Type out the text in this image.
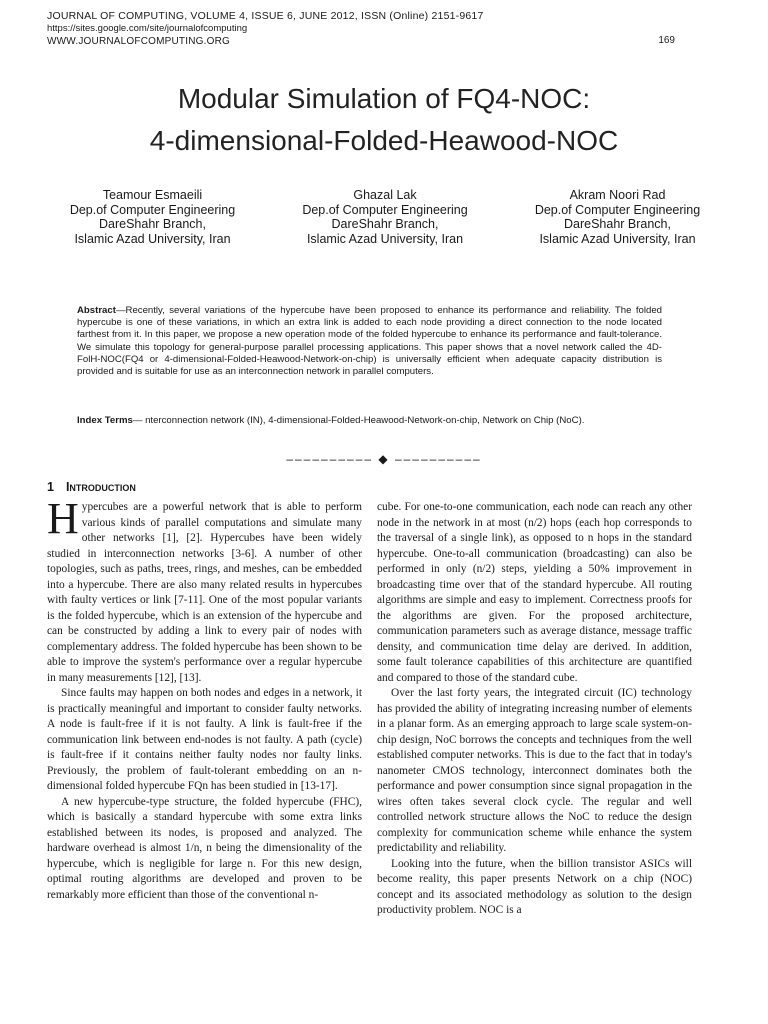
JOURNAL OF COMPUTING, VOLUME 4, ISSUE 6, JUNE 2012, ISSN (Online) 2151-9617
https://sites.google.com/site/journalofcomputing
WWW.JOURNALOFCOMPUTING.ORG	169
Modular Simulation of FQ4-NOC:
4-dimensional-Folded-Heawood-NOC
Teamour Esmaeili
Dep.of Computer Engineering
DareShahr Branch,
Islamic Azad University, Iran
Ghazal Lak
Dep.of Computer Engineering
DareShahr Branch,
Islamic Azad University, Iran
Akram Noori Rad
Dep.of Computer Engineering
DareShahr Branch,
Islamic Azad University, Iran
Abstract—Recently, several variations of the hypercube have been proposed to enhance its performance and reliability. The folded hypercube is one of these variations, in which an extra link is added to each node providing a direct connection to the node located farthest from it. In this paper, we propose a new operation mode of the folded hypercube to enhance its performance and fault-tolerance. We simulate this topology for general-purpose parallel processing applications. This paper shows that a novel network called the 4D-FolH-NOC(FQ4 or 4-dimensional-Folded-Heawood-Network-on-chip) is universally efficient when adequate capacity distribution is provided and is suitable for use as an interconnection network in parallel computers.
Index Terms— nterconnection network (IN), 4-dimensional-Folded-Heawood-Network-on-chip, Network on Chip (NoC).
–––––––––– ◆ ––––––––––
1 Introduction

Hypercubes are a powerful network that is able to perform various kinds of parallel computations and simulate many other networks [1], [2]. Hypercubes have been widely studied in interconnection networks [3-6]. A number of other topologies, such as paths, trees, rings, and meshes, can be embedded into a hypercube. There are also many related results in hypercubes with faulty vertices or link [7-11]. One of the most popular variants is the folded hypercube, which is an extension of the hypercube and can be constructed by adding a link to every pair of nodes with complementary address. The folded hypercube has been shown to be able to improve the system's performance over a regular hypercube in many measurements [12], [13].

Since faults may happen on both nodes and edges in a network, it is practically meaningful and important to consider faulty networks. A node is fault-free if it is not faulty. A link is fault-free if the communication link between end-nodes is not faulty. A path (cycle) is fault-free if it contains neither faulty nodes nor faulty links. Previously, the problem of fault-tolerant embedding on an n-dimensional folded hypercube FQn has been studied in [13-17].

A new hypercube-type structure, the folded hypercube (FHC), which is basically a standard hypercube with some extra links established between its nodes, is proposed and analyzed. The hardware overhead is almost 1/n, n being the dimensionality of the hypercube, which is negligible for large n. For this new design, optimal routing algorithms are developed and proven to be remarkably more efficient than those of the conventional n-

cube. For one-to-one communication, each node can reach any other node in the network in at most (n/2) hops (each hop corresponds to the traversal of a single link), as opposed to n hops in the standard hypercube. One-to-all communication (broadcasting) can also be performed in only (n/2) steps, yielding a 50% improvement in broadcasting time over that of the standard hypercube. All routing algorithms are simple and easy to implement. Correctness proofs for the algorithms are given. For the proposed architecture, communication parameters such as average distance, message traffic density, and communication time delay are derived. In addition, some fault tolerance capabilities of this architecture are quantified and compared to those of the standard cube.

Over the last forty years, the integrated circuit (IC) technology has provided the ability of integrating increasing number of elements in a planar form. As an emerging approach to large scale system-on-chip design, NoC borrows the concepts and techniques from the well established computer networks. This is due to the fact that in today's nanometer CMOS technology, interconnect dominates both the performance and power consumption since signal propagation in the wires often takes several clock cycle. The regular and well controlled network structure allows the NoC to reduce the design complexity for communication scheme while enhance the system predictability and reliability.

Looking into the future, when the billion transistor ASICs will become reality, this paper presents Network on a chip (NOC) concept and its associated methodology as solution to the design productivity problem. NOC is a
